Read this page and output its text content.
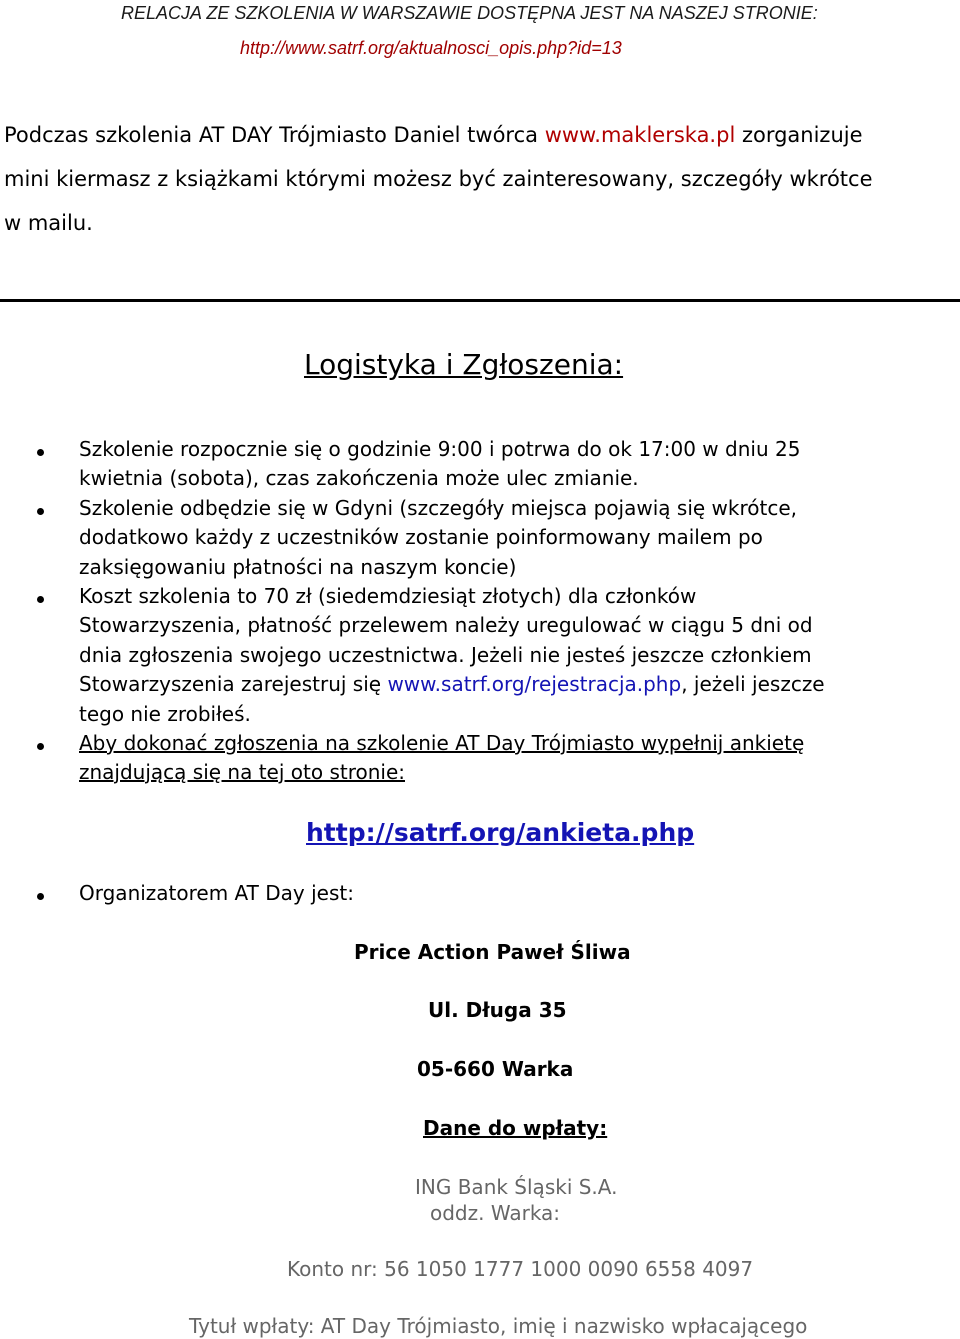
RELACJA ZE SZKOLENIA W WARSZAWIE DOSTĘPNA JEST NA NASZEJ STRONIE:
http://www.satrf.org/aktualnosci_opis.php?id=13
Podczas szkolenia AT DAY Trójmiasto Daniel twórca www.maklerska.pl zorganizuje
mini kiermasz z książkami którymi możesz być zainteresowany, szczegóły wkrótce
w mailu.
Logistyka i Zgłoszenia:
Szkolenie rozpocznie się o godzinie 9:00 i potrwa do ok 17:00 w dniu 25
kwietnia (sobota), czas zakończenia może ulec zmianie.
Szkolenie odbędzie się w Gdyni (szczegóły miejsca pojawią się wkrótce,
dodatkowo każdy z uczestników zostanie poinformowany mailem po
zaksięgowaniu płatności na naszym koncie)
Koszt szkolenia to 70 zł (siedemdziesiąt złotych) dla członków
Stowarzyszenia, płatność przelewem należy uregulować w ciągu 5 dni od
dnia zgłoszenia swojego uczestnictwa. Jeżeli nie jesteś jeszcze członkiem
Stowarzyszenia zarejestruj się www.satrf.org/rejestracja.php, jeżeli jeszcze
tego nie zrobiłeś.
Aby dokonać zgłoszenia na szkolenie AT Day Trójmiasto wypełnij ankietę
znajdującą się na tej oto stronie:
http://satrf.org/ankieta.php
Organizatorem AT Day jest:
Price Action Paweł Śliwa
Ul. Długa 35
05-660 Warka
Dane do wpłaty:
ING Bank Śląski S.A.
oddz. Warka:
Konto nr: 56 1050 1777 1000 0090 6558 4097
Tytuł wpłaty: AT Day Trójmiasto, imię i nazwisko wpłacającego
